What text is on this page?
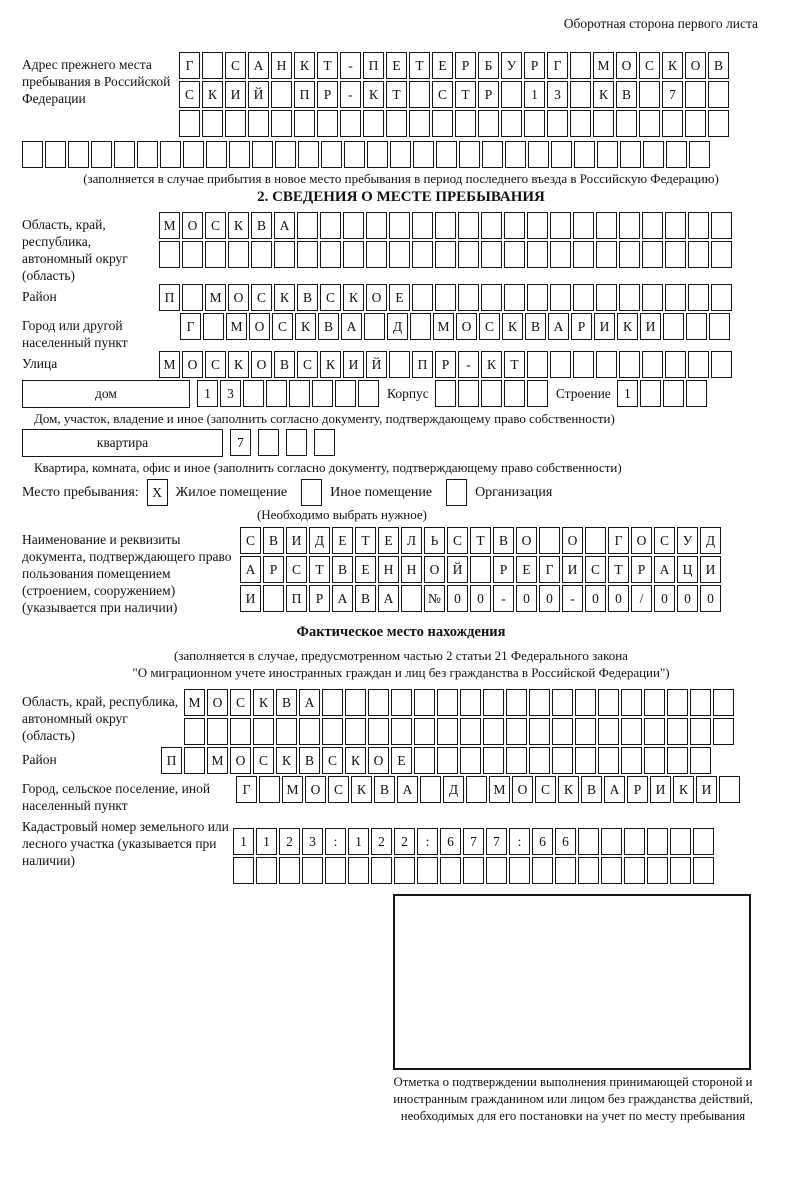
Оборотная сторона первого листа
Адрес прежнего места пребывания в Российской Федерации
Г	С А Н К Т - П Е Т Е Р Б У Р Г	М О С К О В
С К И Й	П Р - К Т	С Т Р	1 3	К В	7
(заполняется в случае прибытия в новое место пребывания в период последнего въезда в Российскую Федерацию)
2. СВЕДЕНИЯ О МЕСТЕ ПРЕБЫВАНИЯ
Область, край, республика, автономный округ (область)
М О С К В А
Район	П	М О С К В С К О Е
Город или другой населенный пункт
Г	М О С К В А	Д	М О С К В А Р И К И
Улица	М О С К О В С К И Й	П Р - К Т
дом	1 3	Корпус	Строение 1
Дом, участок, владение и иное (заполнить согласно документу, подтверждающему право собственности)
квартира	7
Квартира, комната, офис и иное (заполнить согласно документу, подтверждающему право собственности)
Место пребывания:	X Жилое помещение	Иное помещение	Организация
(Необходимо выбрать нужное)
Наименование и реквизиты документа, подтверждающего право пользования помещением (строением, сооружением) (указывается при наличии)
С В И Д Е Т Е Л Ь С Т В О	О	Г О С У Д
А Р С Т В Е Н Н О Й	Р Е Г И С Т Р А Ц И
И	П Р А В А	№ 0 0 - 0 0 - 0 0 / 0 0 0
Фактическое место нахождения
(заполняется в случае, предусмотренном частью 2 статьи 21 Федерального закона
"О миграционном учете иностранных граждан и лиц без гражданства в Российской Федерации")
Область, край, республика, автономный округ (область)
М О С К В А
Район	П	М О С К В С К О Е
Город, сельское поселение, иной населенный пункт
Г	М О С К В А	Д	М О С К В А Р И К И
Кадастровый номер земельного или лесного участка (указывается при наличии)
1 1 2 3 : 1 2 2 : 6 7 7 : 6 6
Отметка о подтверждении выполнения принимающей стороной и иностранным гражданином или лицом без гражданства действий, необходимых для его постановки на учет по месту пребывания
